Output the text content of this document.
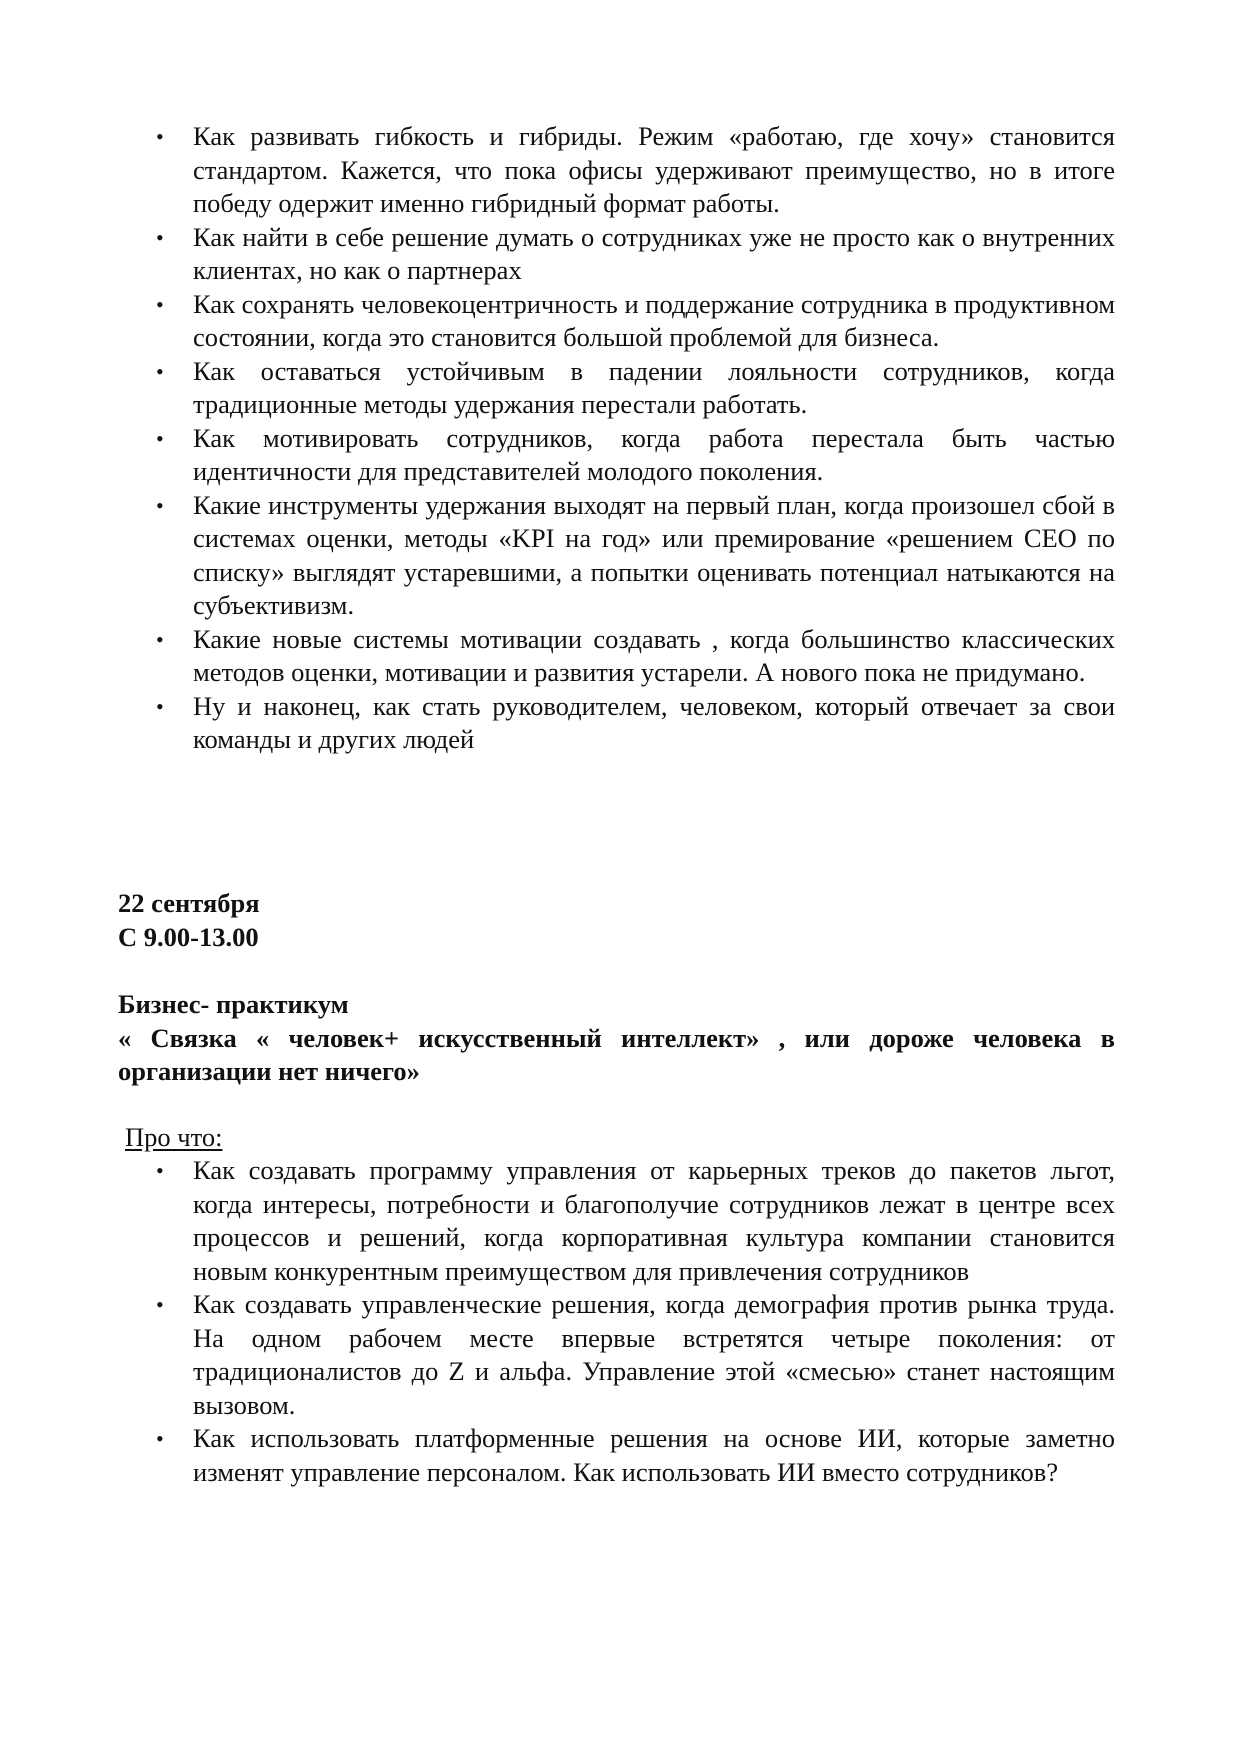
• Как развивать гибкость и гибриды. Режим «работаю, где хочу» становится стандартом. Кажется, что пока офисы удерживают преимущество, но в итоге победу одержит именно гибридный формат работы.
• Как найти в себе решение думать о сотрудниках уже не просто как о внутренних клиентах, но как о партнерах
• Как сохранять человекоцентричность и поддержание сотрудника в продуктивном состоянии, когда это становится большой проблемой для бизнеса.
• Как оставаться устойчивым в падении лояльности сотрудников, когда традиционные методы удержания перестали работать.
• Как мотивировать сотрудников, когда работа перестала быть частью идентичности для представителей молодого поколения.
• Какие инструменты удержания выходят на первый план, когда произошел сбой в системах оценки, методы «KPI на год» или премирование «решением CEO по списку» выглядят устаревшими, а попытки оценивать потенциал натыкаются на субъективизм.
• Какие новые системы мотивации создавать , когда большинство классических методов оценки, мотивации и развития устарели. А нового пока не придумано.
• Ну и наконец, как стать руководителем, человеком, который отвечает за свои команды и других людей
22 сентября
С 9.00-13.00
Бизнес- практикум
« Связка « человек+ искусственный интеллект» , или дороже человека в организации нет ничего»
Про что:
• Как создавать программу управления от карьерных треков до пакетов льгот, когда интересы, потребности и благополучие сотрудников лежат в центре всех процессов и решений, когда корпоративная культура компании становится новым конкурентным преимуществом для привлечения сотрудников
• Как создавать управленческие решения, когда демография против рынка труда. На одном рабочем месте впервые встретятся четыре поколения: от традиционалистов до Z и альфа. Управление этой «смесью» станет настоящим вызовом.
• Как использовать платформенные решения на основе ИИ, которые заметно изменят управление персоналом. Как использовать ИИ вместо сотрудников?
